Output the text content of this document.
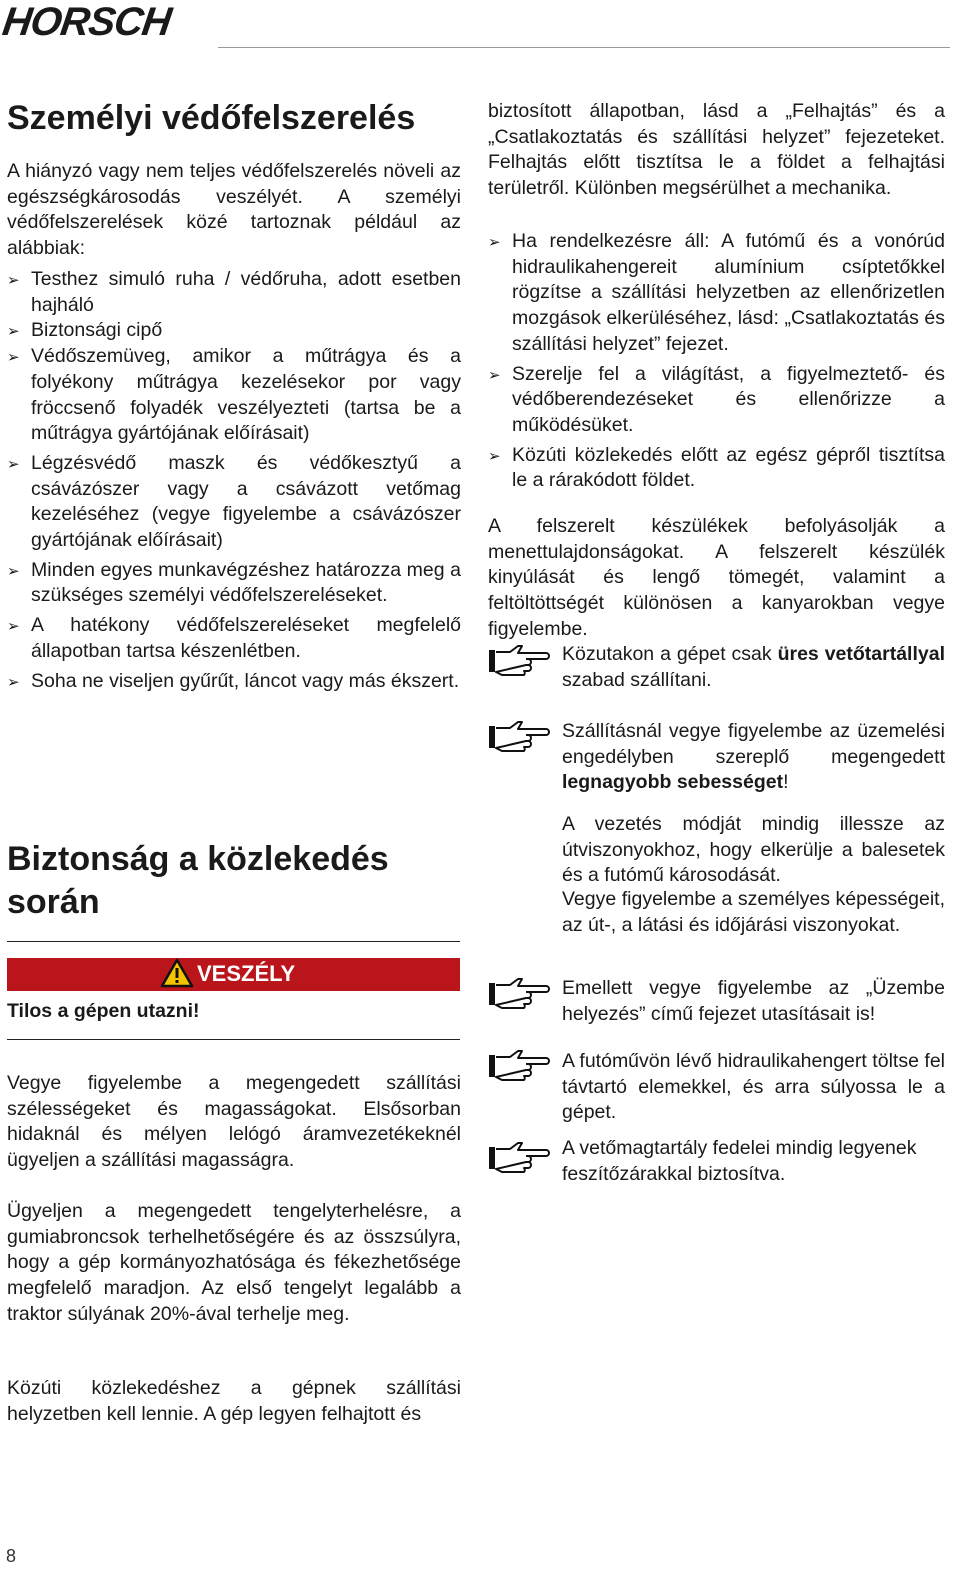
HORSCH
Személyi védőfelszerelés
A hiányzó vagy nem teljes védőfelszerelés növeli az egészségkárosodás veszélyét. A személyi védőfelszerelések közé tartoznak például az alábbiak:
➢ Testhez simuló ruha / védőruha, adott esetben hajháló
➢ Biztonsági cipő
➢ Védőszemüveg, amikor a műtrágya és a folyékony műtrágya kezelésekor por vagy fröccsenő folyadék veszélyezteti (tartsa be a műtrágya gyártójának előírásait)
➢ Légzésvédő maszk és védőkesztyű a csávázószer vagy a csávázott vetőmag kezeléséhez (vegye figyelembe a csávázószer gyártójának előírásait)
➢ Minden egyes munkavégzéshez határozza meg a szükséges személyi védőfelszereléseket.
➢ A hatékony védőfelszereléseket megfelelő állapotban tartsa készenlétben.
➢ Soha ne viseljen gyűrűt, láncot vagy más ékszert.
Biztonság a közlekedés
során
VESZÉLY
Tilos a gépen utazni!
Vegye figyelembe a megengedett szállítási szélességeket és magasságokat. Elsősorban hidaknál és mélyen lelógó áramvezetékeknél ügyeljen a szállítási magasságra.
Ügyeljen a megengedett tengelyterhelésre, a gumiabroncsok terhelhetőségére és az összsúlyra, hogy a gép kormányozhatósága és fékezhetősége megfelelő maradjon. Az első tengelyt legalább a traktor súlyának 20%-ával terhelje meg.
Közúti közlekedéshez a gépnek szállítási helyzetben kell lennie. A gép legyen felhajtott és
biztosított állapotban, lásd a „Felhajtás” és a „Csatlakoztatás és szállítási helyzet” fejezeteket. Felhajtás előtt tisztítsa le a földet a felhajtási területről. Különben megsérülhet a mechanika.
➢ Ha rendelkezésre áll: A futómű és a vonórúd hidraulikahengereit alumínium csíptetőkkel rögzítse a szállítási helyzetben az ellenőrizetlen mozgások elkerüléséhez, lásd: „Csatlakoztatás és szállítási helyzet” fejezet.
➢ Szerelje fel a világítást, a figyelmeztető- és védőberendezéseket és ellenőrizze a működésüket.
➢ Közúti közlekedés előtt az egész gépről tisztítsa le a rárakódott földet.
A felszerelt készülékek befolyásolják a menettulajdonságokat. A felszerelt készülék kinyúlását és lengő tömegét, valamint a feltöltöttségét különösen a kanyarokban vegye figyelembe.
Közutakon a gépet csak üres vetőtartállyal szabad szállítani.
Szállításnál vegye figyelembe az üzemelési engedélyben szereplő megengedett legnagyobb sebességet!
A vezetés módját mindig illessze az útviszonyokhoz, hogy elkerülje a balesetek és a futómű károsodását.
Vegye figyelembe a személyes képességeit, az út-, a látási és időjárási viszonyokat.
Emellett vegye figyelembe az „Üzembe helyezés” című fejezet utasításait is!
A futóművön lévő hidraulikahengert töltse fel távtartó elemekkel, és arra súlyossa le a gépet.
A vetőmagtartály fedelei mindig legyenek feszítőzárakkal biztosítva.
8
